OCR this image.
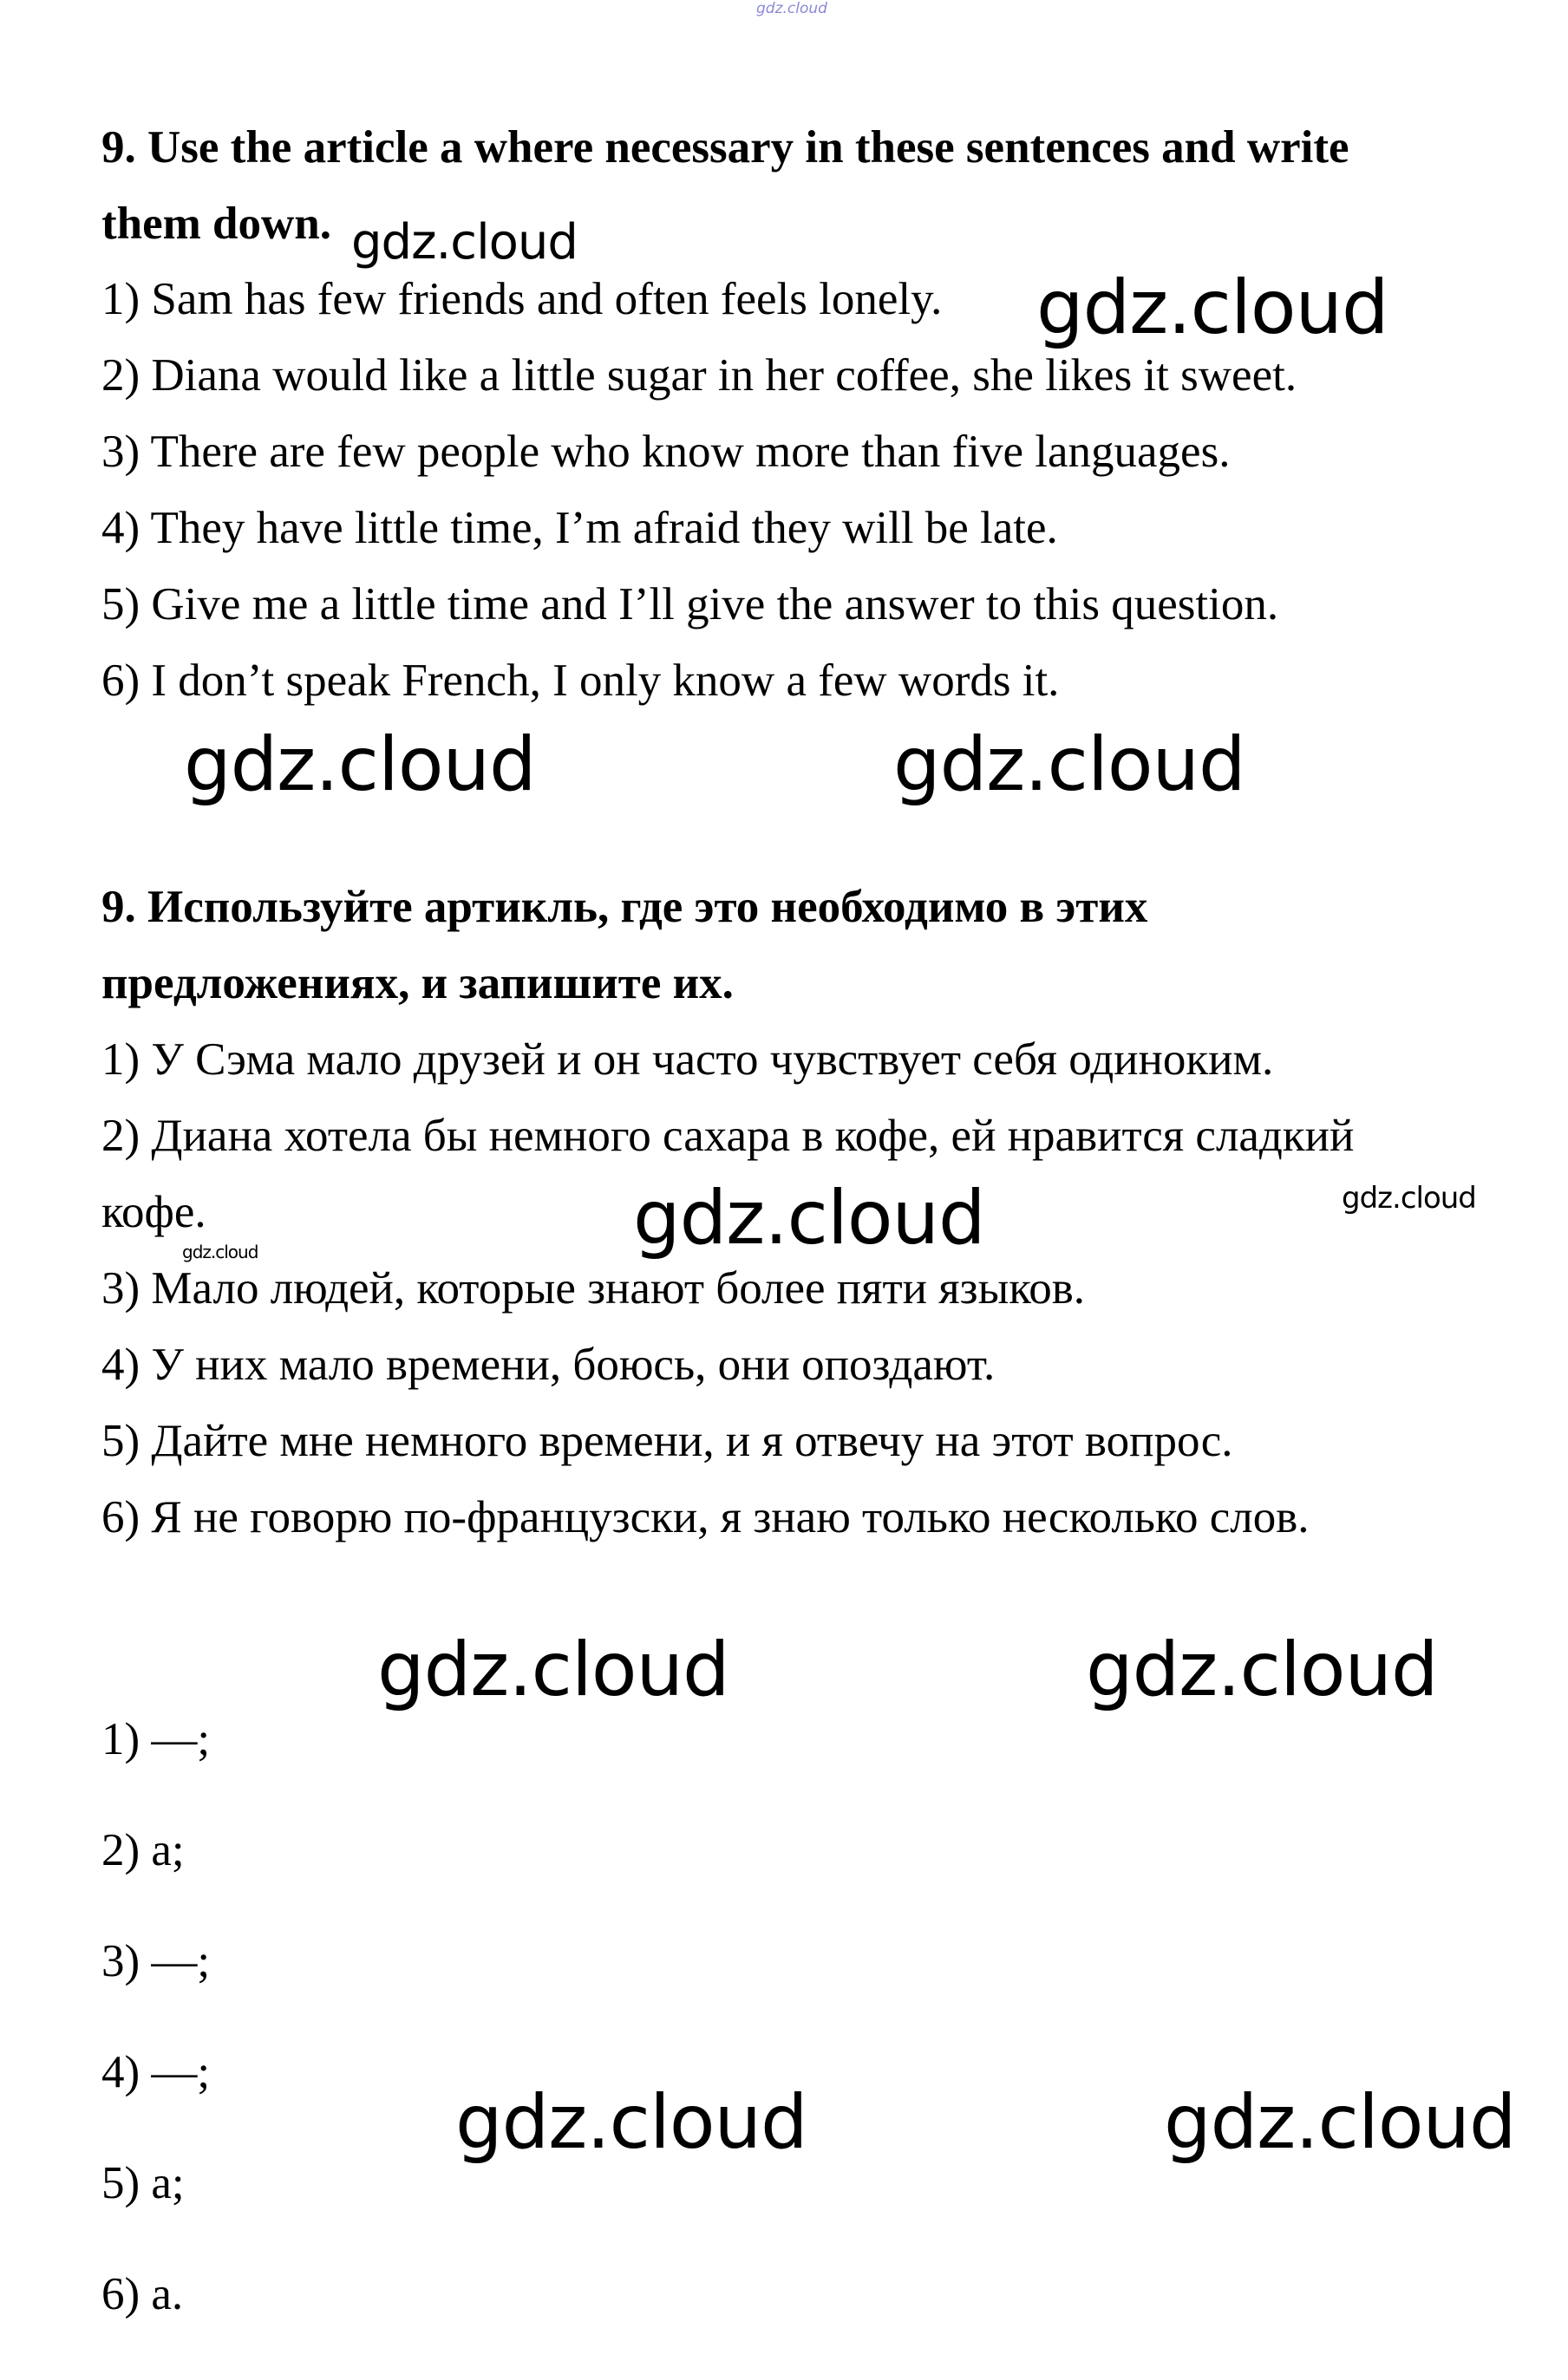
gdz.cloud
9. Use the article a where necessary in these sentences and write
them down.
1) Sam has few friends and often feels lonely.
2) Diana would like a little sugar in her coffee, she likes it sweet.
3) There are few people who know more than five languages.
4) They have little time, I’m afraid they will be late.
5) Give me a little time and I’ll give the answer to this question.
6) I don’t speak French, I only know a few words it.
9. Используйте артикль, где это необходимо в этих
предложениях, и запишите их.
1) У Сэма мало друзей и он часто чувствует себя одиноким.
2) Диана хотела бы немного сахара в кофе, ей нравится сладкий
кофе.
3) Мало людей, которые знают более пяти языков.
4) У них мало времени, боюсь, они опоздают.
5) Дайте мне немного времени, и я отвечу на этот вопрос.
6) Я не говорю по-французски, я знаю только несколько слов.
1) —;
2) a;
3) —;
4) —;
5) a;
6) a.
gdz.cloud
gdz.cloud
gdz.cloud	gdz.cloud
gdz.cloud	gdz.cloud
gdz.cloud
gdz.cloud	gdz.cloud
gdz.cloud	gdz.cloud
